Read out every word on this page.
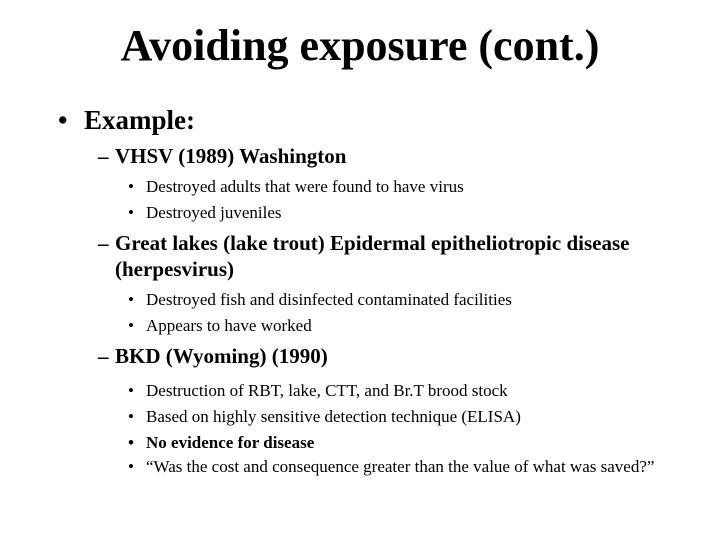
Avoiding exposure (cont.)
• Example:
– VHSV (1989) Washington
• Destroyed adults that were found to have virus
• Destroyed juveniles
– Great lakes (lake trout) Epidermal epitheliotropic disease (herpesvirus)
• Destroyed fish and disinfected contaminated facilities
• Appears to have worked
– BKD (Wyoming) (1990)
• Destruction of RBT, lake, CTT, and Br.T brood stock
• Based on highly sensitive detection technique (ELISA)
• No evidence for disease
• “Was the cost and consequence greater than the value of what was saved?”
